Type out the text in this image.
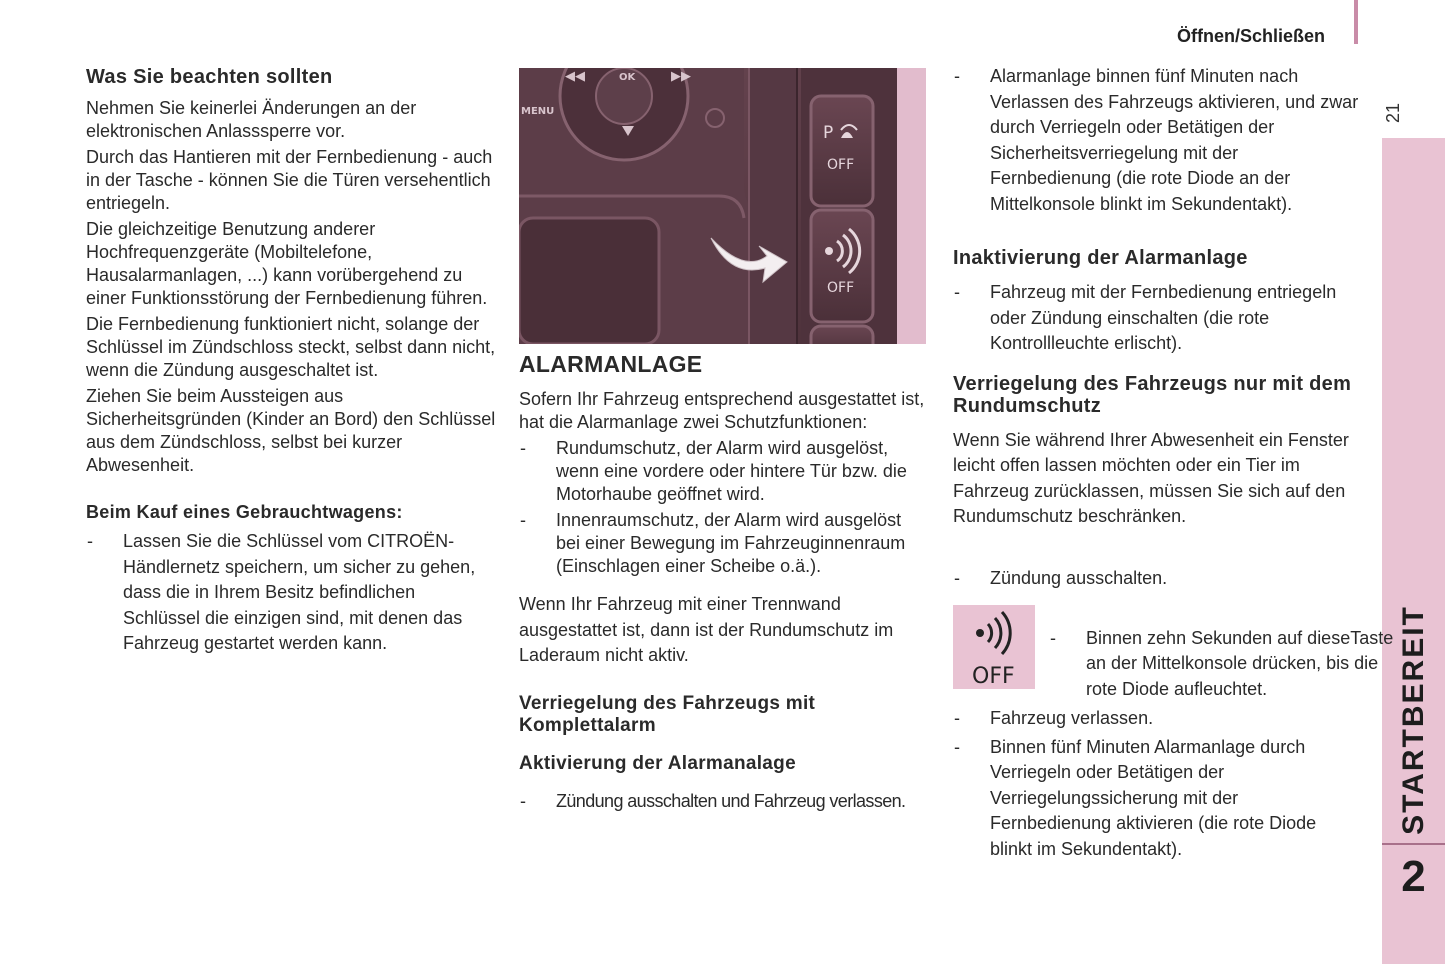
Öffnen/Schließen
21
STARTBEREIT
2
Was Sie beachten sollten

Nehmen Sie keinerlei Änderungen an der elektronischen Anlasssperre vor.

Durch das Hantieren mit der Fernbedienung - auch in der Tasche - können Sie die Türen versehentlich entriegeln.

Die gleichzeitige Benutzung anderer Hochfrequenzgeräte (Mobiltelefone, Hausalarmanlagen, ...) kann vorübergehend zu einer Funktionsstörung der Fernbedienung führen.

Die Fernbedienung funktioniert nicht, solange der Schlüssel im Zündschloss steckt, selbst dann nicht, wenn die Zündung ausgeschaltet ist.

Ziehen Sie beim Aussteigen aus Sicherheitsgründen (Kinder an Bord) den Schlüssel aus dem Zündschloss, selbst bei kurzer Abwesenheit.

Beim Kauf eines Gebrauchtwagens:
- Lassen Sie die Schlüssel vom CITROËN-Händlernetz speichern, um sicher zu gehen, dass die in Ihrem Besitz befindlichen Schlüssel die einzigen sind, mit denen das Fahrzeug gestartet werden kann.
◀◀	OK	▶▶
MENU
P
OFF
OFF
ALARMANLAGE

Sofern Ihr Fahrzeug entsprechend ausgestattet ist, hat die Alarmanlage zwei Schutzfunktionen:

- Rundumschutz, der Alarm wird ausgelöst, wenn eine vordere oder hintere Tür bzw. die Motorhaube geöffnet wird.
- Innenraumschutz, der Alarm wird ausgelöst bei einer Bewegung im Fahrzeuginnenraum (Einschlagen einer Scheibe o.ä.).

Wenn Ihr Fahrzeug mit einer Trennwand ausgestattet ist, dann ist der Rundumschutz im Laderaum nicht aktiv.

Verriegelung des Fahrzeugs mit Komplettalarm
Aktivierung der Alarmanalage
- Zündung ausschalten und Fahrzeug verlassen.
- Alarmanlage binnen fünf Minuten nach Verlassen des Fahrzeugs aktivieren, und zwar durch Verriegeln oder Betätigen der Sicherheitsverriegelung mit der Fernbedienung (die rote Diode an der Mittelkonsole blinkt im Sekundentakt).
Inaktivierung der Alarmanlage
- Fahrzeug mit der Fernbedienung entriegeln oder Zündung einschalten (die rote Kontrollleuchte erlischt).
Verriegelung des Fahrzeugs nur mit dem Rundumschutz

Wenn Sie während Ihrer Abwesenheit ein Fenster leicht offen lassen möchten oder ein Tier im Fahrzeug zurücklassen, müssen Sie sich auf den Rundumschutz beschränken.

- Zündung ausschalten.
OFF
- Binnen zehn Sekunden auf dieseTaste an der Mittelkonsole drücken, bis die rote Diode aufleuchtet.
- Fahrzeug verlassen.
- Binnen fünf Minuten Alarmanlage durch Verriegeln oder Betätigen der Verriegelungssicherung mit der Fernbedienung aktivieren (die rote Diode blinkt im Sekundentakt).
